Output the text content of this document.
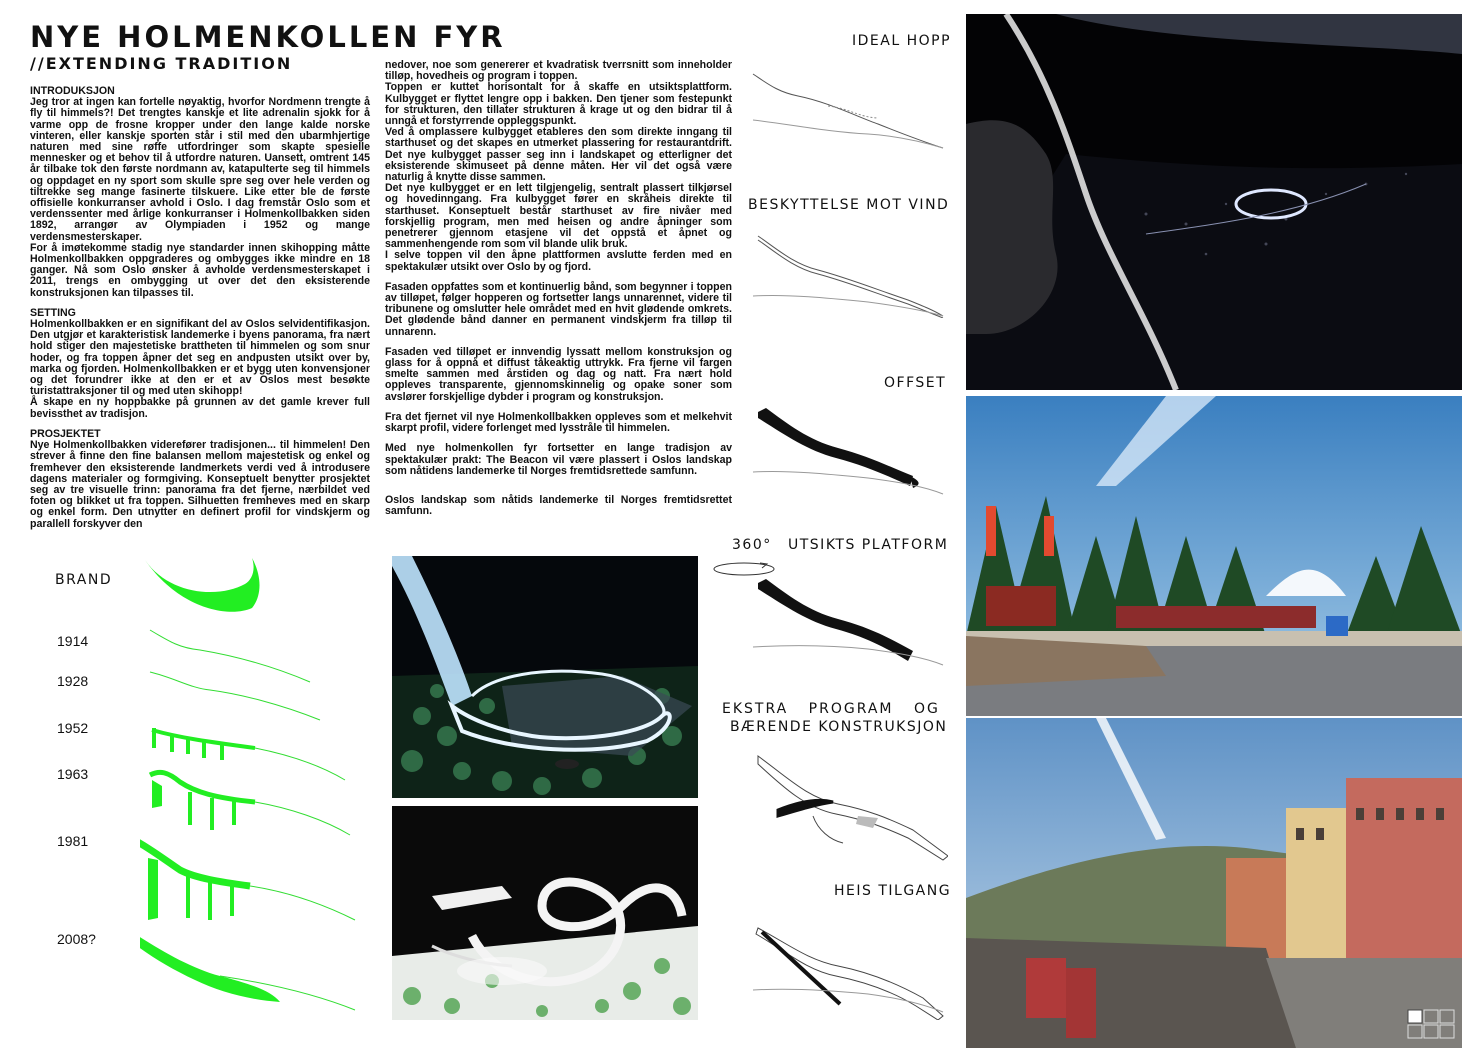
NYE HOLMENKOLLEN FYR
//EXTENDING TRADITION
INTRODUKSJON

Jeg tror at ingen kan fortelle nøyaktig, hvorfor Nordmenn trengte å fly til himmels?! Det trengtes kanskje et lite adrenalin sjokk for å varme opp de frosne kropper under den lange kalde norske vinteren, eller kanskje sporten står i stil med den ubarmhjertige naturen med sine røffe utfordringer som skapte spesielle mennesker og et behov til å utfordre naturen. Uansett, omtrent 145 år tilbake tok den første nordmann av, katapulterte seg til himmels og oppdaget en ny sport som skulle spre seg over hele verden og tiltrekke seg mange fasinerte tilskuere. Like etter ble de første offisielle konkurranser avhold i Oslo. I dag fremstår Oslo som et verdenssenter med årlige konkurranser i Holmenkollbakken siden 1892, arrangør av Olympiaden i 1952 og mange verdensmesterskaper.

For å imøtekomme stadig nye standarder innen skihopping måtte Holmenkollbakken oppgraderes og ombygges ikke mindre en 18 ganger. Nå som Oslo ønsker å avholde verdensmesterskapet i 2011, trengs en ombygging ut over det den eksisterende konstruksjonen kan tilpasses til.

SETTING

Holmenkollbakken er en signifikant del av Oslos selvidentifikasjon. Den utgjør et karakteristisk landemerke i byens panorama, fra nært hold stiger den majestetiske brattheten til himmelen og som snur hoder, og fra toppen åpner det seg en andpusten utsikt over by, marka og fjorden. Holmenkollbakken er et bygg uten konvensjoner og det forundrer ikke at den er et av Oslos mest besøkte turistattraksjoner til og med uten skihopp!

Å skape en ny hoppbakke på grunnen av det gamle krever full bevissthet av tradisjon.

PROSJEKTET

Nye Holmenkollbakken viderefører tradisjonen... til himmelen! Den strever å finne den fine balansen mellom majestetisk og enkel og fremhever den eksisterende landmerkets verdi ved å introdusere dagens materialer og formgiving. Konseptuelt benytter prosjektet seg av tre visuelle trinn: panorama fra det fjerne, nærbildet ved foten og blikket ut fra toppen. Silhuetten fremheves med en skarp og enkel form. Den utnytter en definert profil for vindskjerm og parallell forskyver den

nedover, noe som genererer et kvadratisk tverrsnitt som inneholder tilløp, hovedheis og program i toppen.

Toppen er kuttet horisontalt for å skaffe en utsiktsplattform. Kulbygget er flyttet lengre opp i bakken. Den tjener som festepunkt for strukturen, den tillater strukturen å krage ut og den bidrar til å unngå et forstyrrende oppleggspunkt.

Ved å omplassere kulbygget etableres den som direkte inngang til starthuset og det skapes en utmerket plassering for restaurantdrift. Det nye kulbygget passer seg inn i landskapet og etterligner det eksisterende skimuseet på denne måten. Her vil det også være naturlig å knytte disse sammen.

Det nye kulbygget er en lett tilgjengelig, sentralt plassert tilkjørsel og hovedinngang. Fra kulbygget fører en skråheis direkte til starthuset. Konseptuelt består starthuset av fire nivåer med forskjellig program, men med heisen og andre åpninger som penetrerer gjennom etasjene vil det oppstå et åpnet og sammenhengende rom som vil blande ulik bruk.

I selve toppen vil den åpne plattformen avslutte ferden med en spektakulær utsikt over Oslo by og fjord.

Fasaden oppfattes som et kontinuerlig bånd, som begynner i toppen av tilløpet, følger hopperen og fortsetter langs unnarennet, videre til tribunene og omslutter hele området med en hvit glødende omkrets. Det glødende bånd danner en permanent vindskjerm fra tilløp til unnarenn.

Fasaden ved tilløpet er innvendig lyssatt mellom konstruksjon og glass for å oppnå et diffust tåkeaktig uttrykk. Fra fjerne vil fargen smelte sammen med årstiden og dag og natt. Fra nært hold oppleves transparente, gjennomskinnelig og opake soner som avslører forskjellige dybder i program og konstruksjon.

Fra det fjernet vil nye Holmenkollbakken oppleves som et melkehvit skarpt profil, videre forlenget med lysstråle til himmelen.

Med nye holmenkollen fyr fortsetter en lange tradisjon av spektakulær prakt: The Beacon vil være plassert i Oslos landskap som nåtidens landemerke til Norges fremtidsrettede samfunn.

Oslos landskap som nåtids landemerke til Norges fremtidsrettet samfunn.

BRAND
1914
1928
1952
1963
1981
2008?
IDEAL HOPP
BESKYTTELSE MOT VIND
OFFSET
360° UTSIKTS PLATFORM
EKSTRA PROGRAM OG
BÆRENDE KONSTRUKSJON
HEIS TILGANG
